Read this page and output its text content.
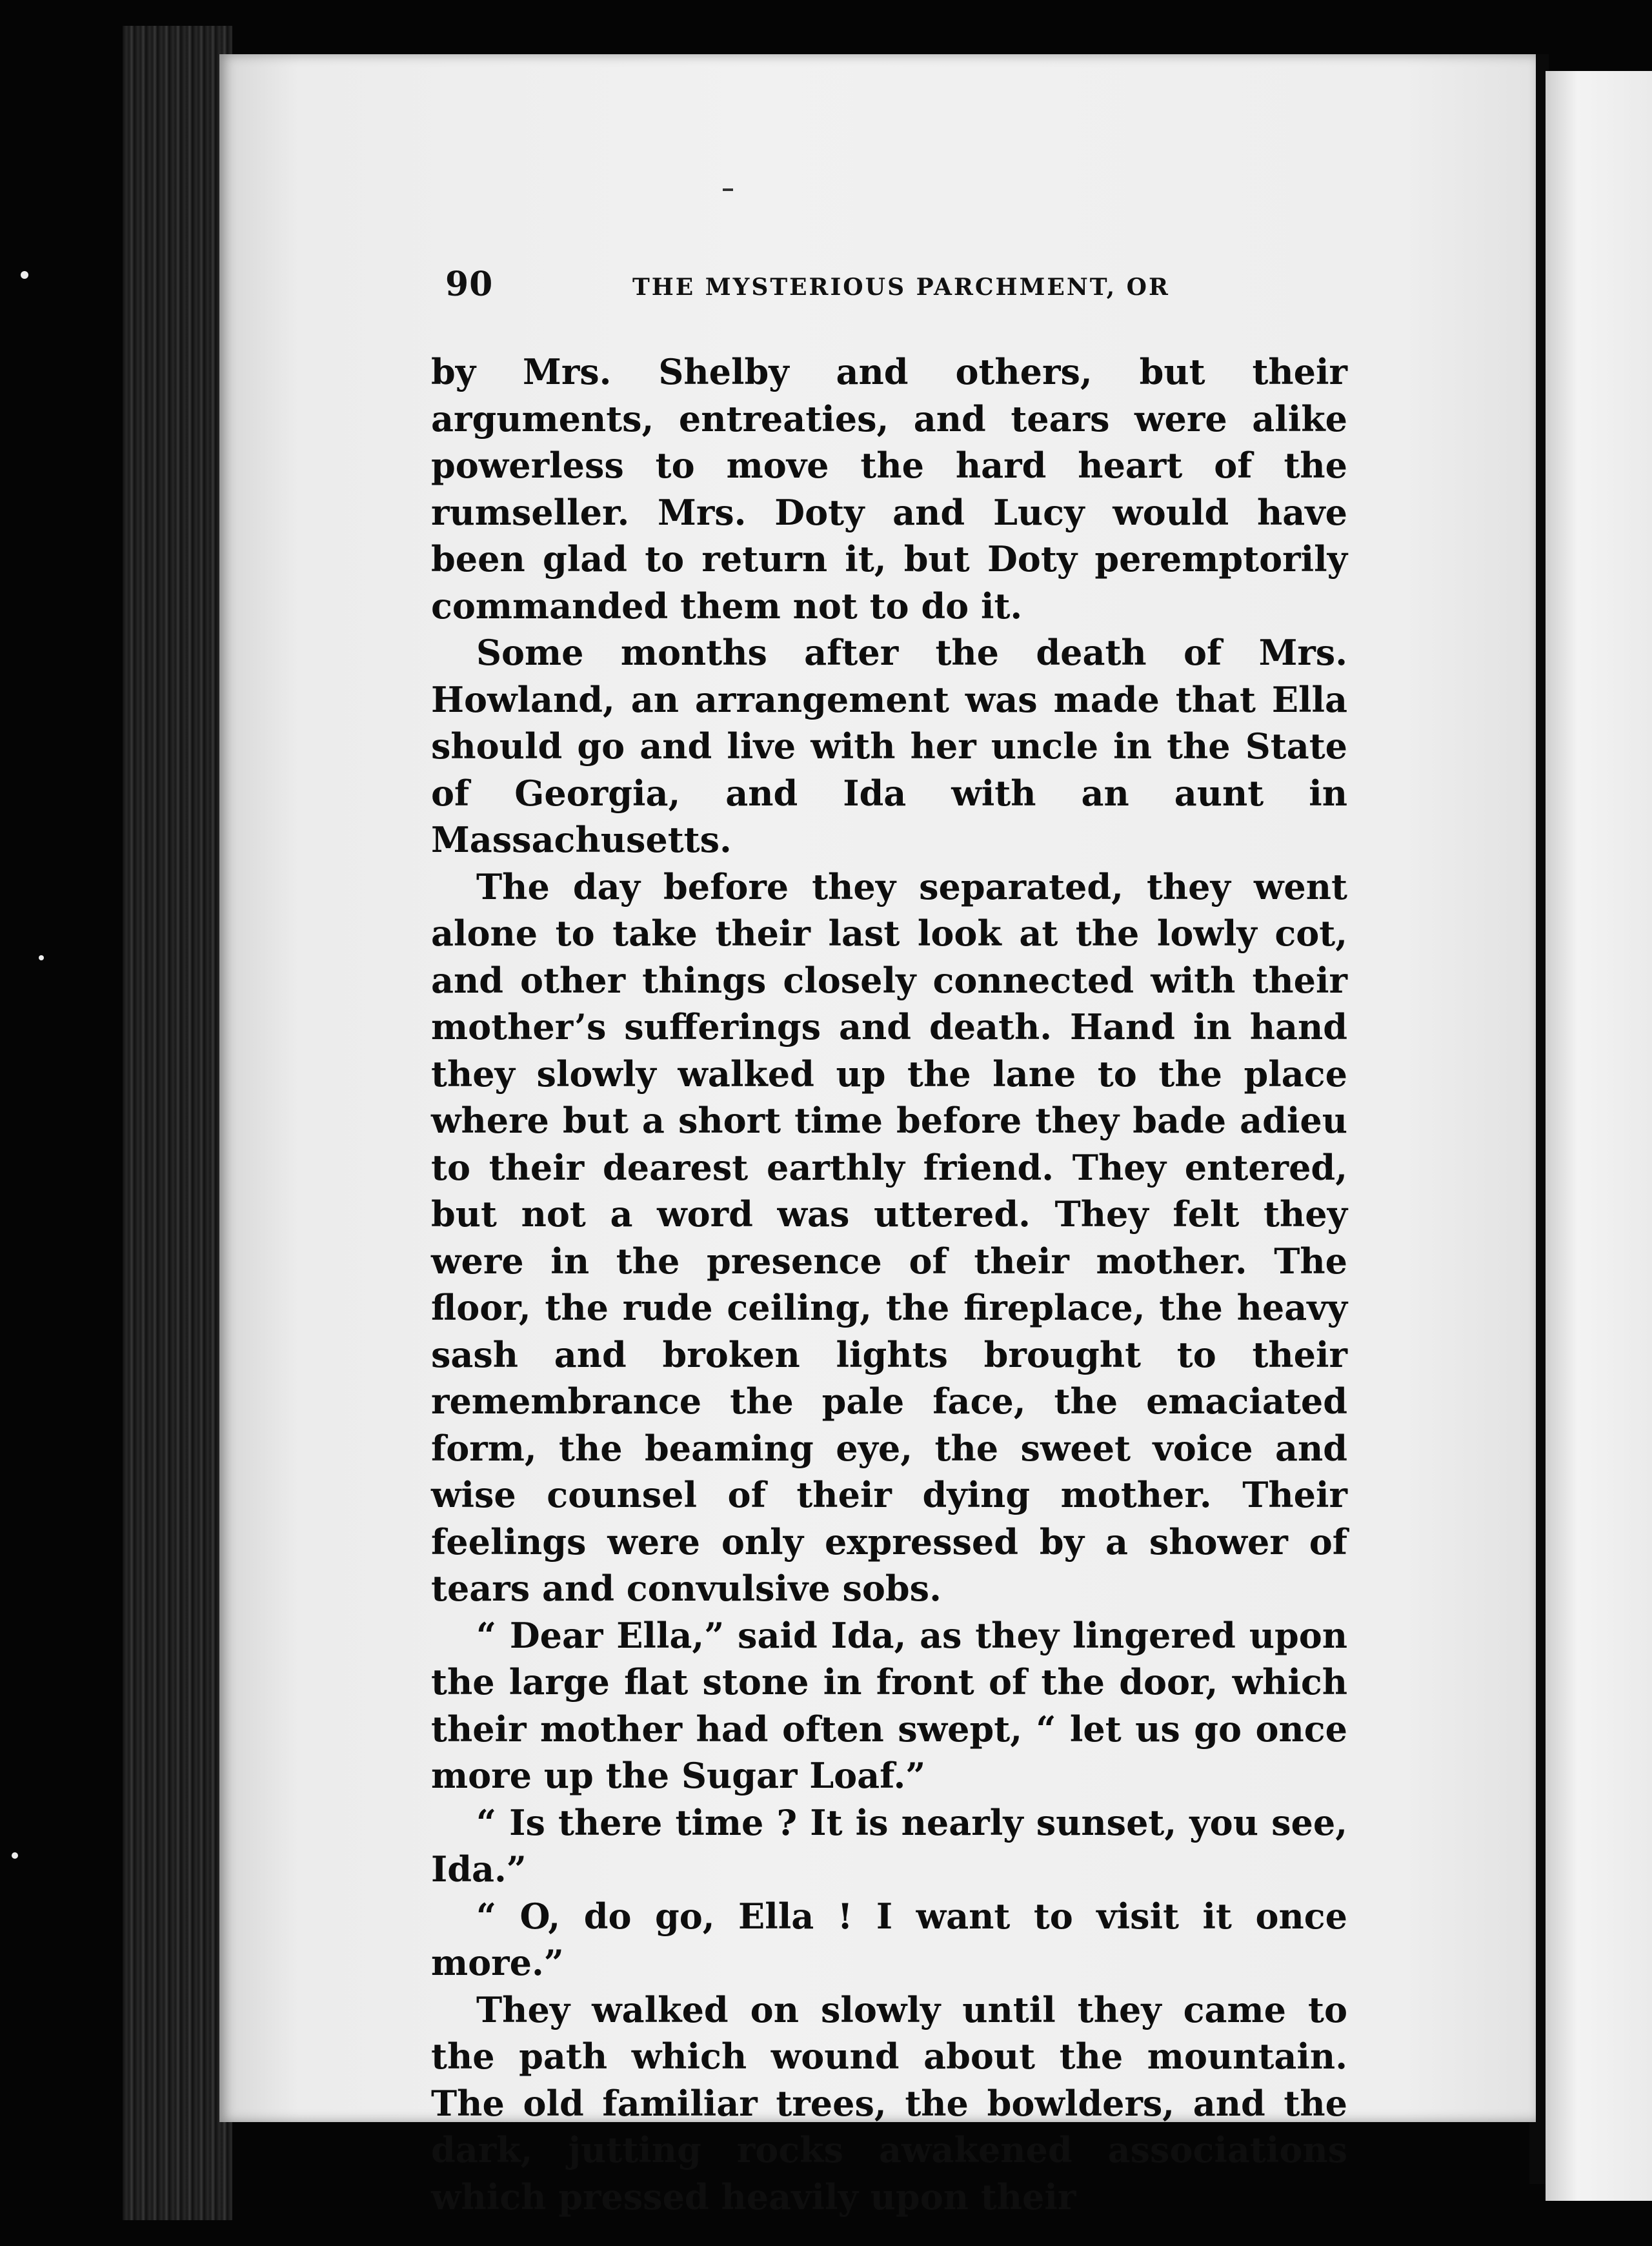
90	THE MYSTERIOUS PARCHMENT, OR

by Mrs. Shelby and others, but their arguments, entreaties, and tears were alike powerless to move the hard heart of the rumseller. Mrs. Doty and Lucy would have been glad to return it, but Doty peremptorily commanded them not to do it.

Some months after the death of Mrs. Howland, an arrangement was made that Ella should go and live with her uncle in the State of Georgia, and Ida with an aunt in Massachusetts.

The day before they separated, they went alone to take their last look at the lowly cot, and other things closely connected with their mother’s sufferings and death. Hand in hand they slowly walked up the lane to the place where but a short time before they bade adieu to their dearest earthly friend. They entered, but not a word was uttered. They felt they were in the presence of their mother. The floor, the rude ceiling, the fireplace, the heavy sash and broken lights brought to their remembrance the pale face, the emaciated form, the beaming eye, the sweet voice and wise counsel of their dying mother. Their feelings were only expressed by a shower of tears and convulsive sobs.

“ Dear Ella,” said Ida, as they lingered upon the large flat stone in front of the door, which their mother had often swept, “ let us go once more up the Sugar Loaf.”

“ Is there time ? It is nearly sunset, you see, Ida.”

“ O, do go, Ella ! I want to visit it once more.”

They walked on slowly until they came to the path which wound about the mountain. The old familiar trees, the bowlders, and the dark, jutting rocks awakened associations which pressed heavily upon their
